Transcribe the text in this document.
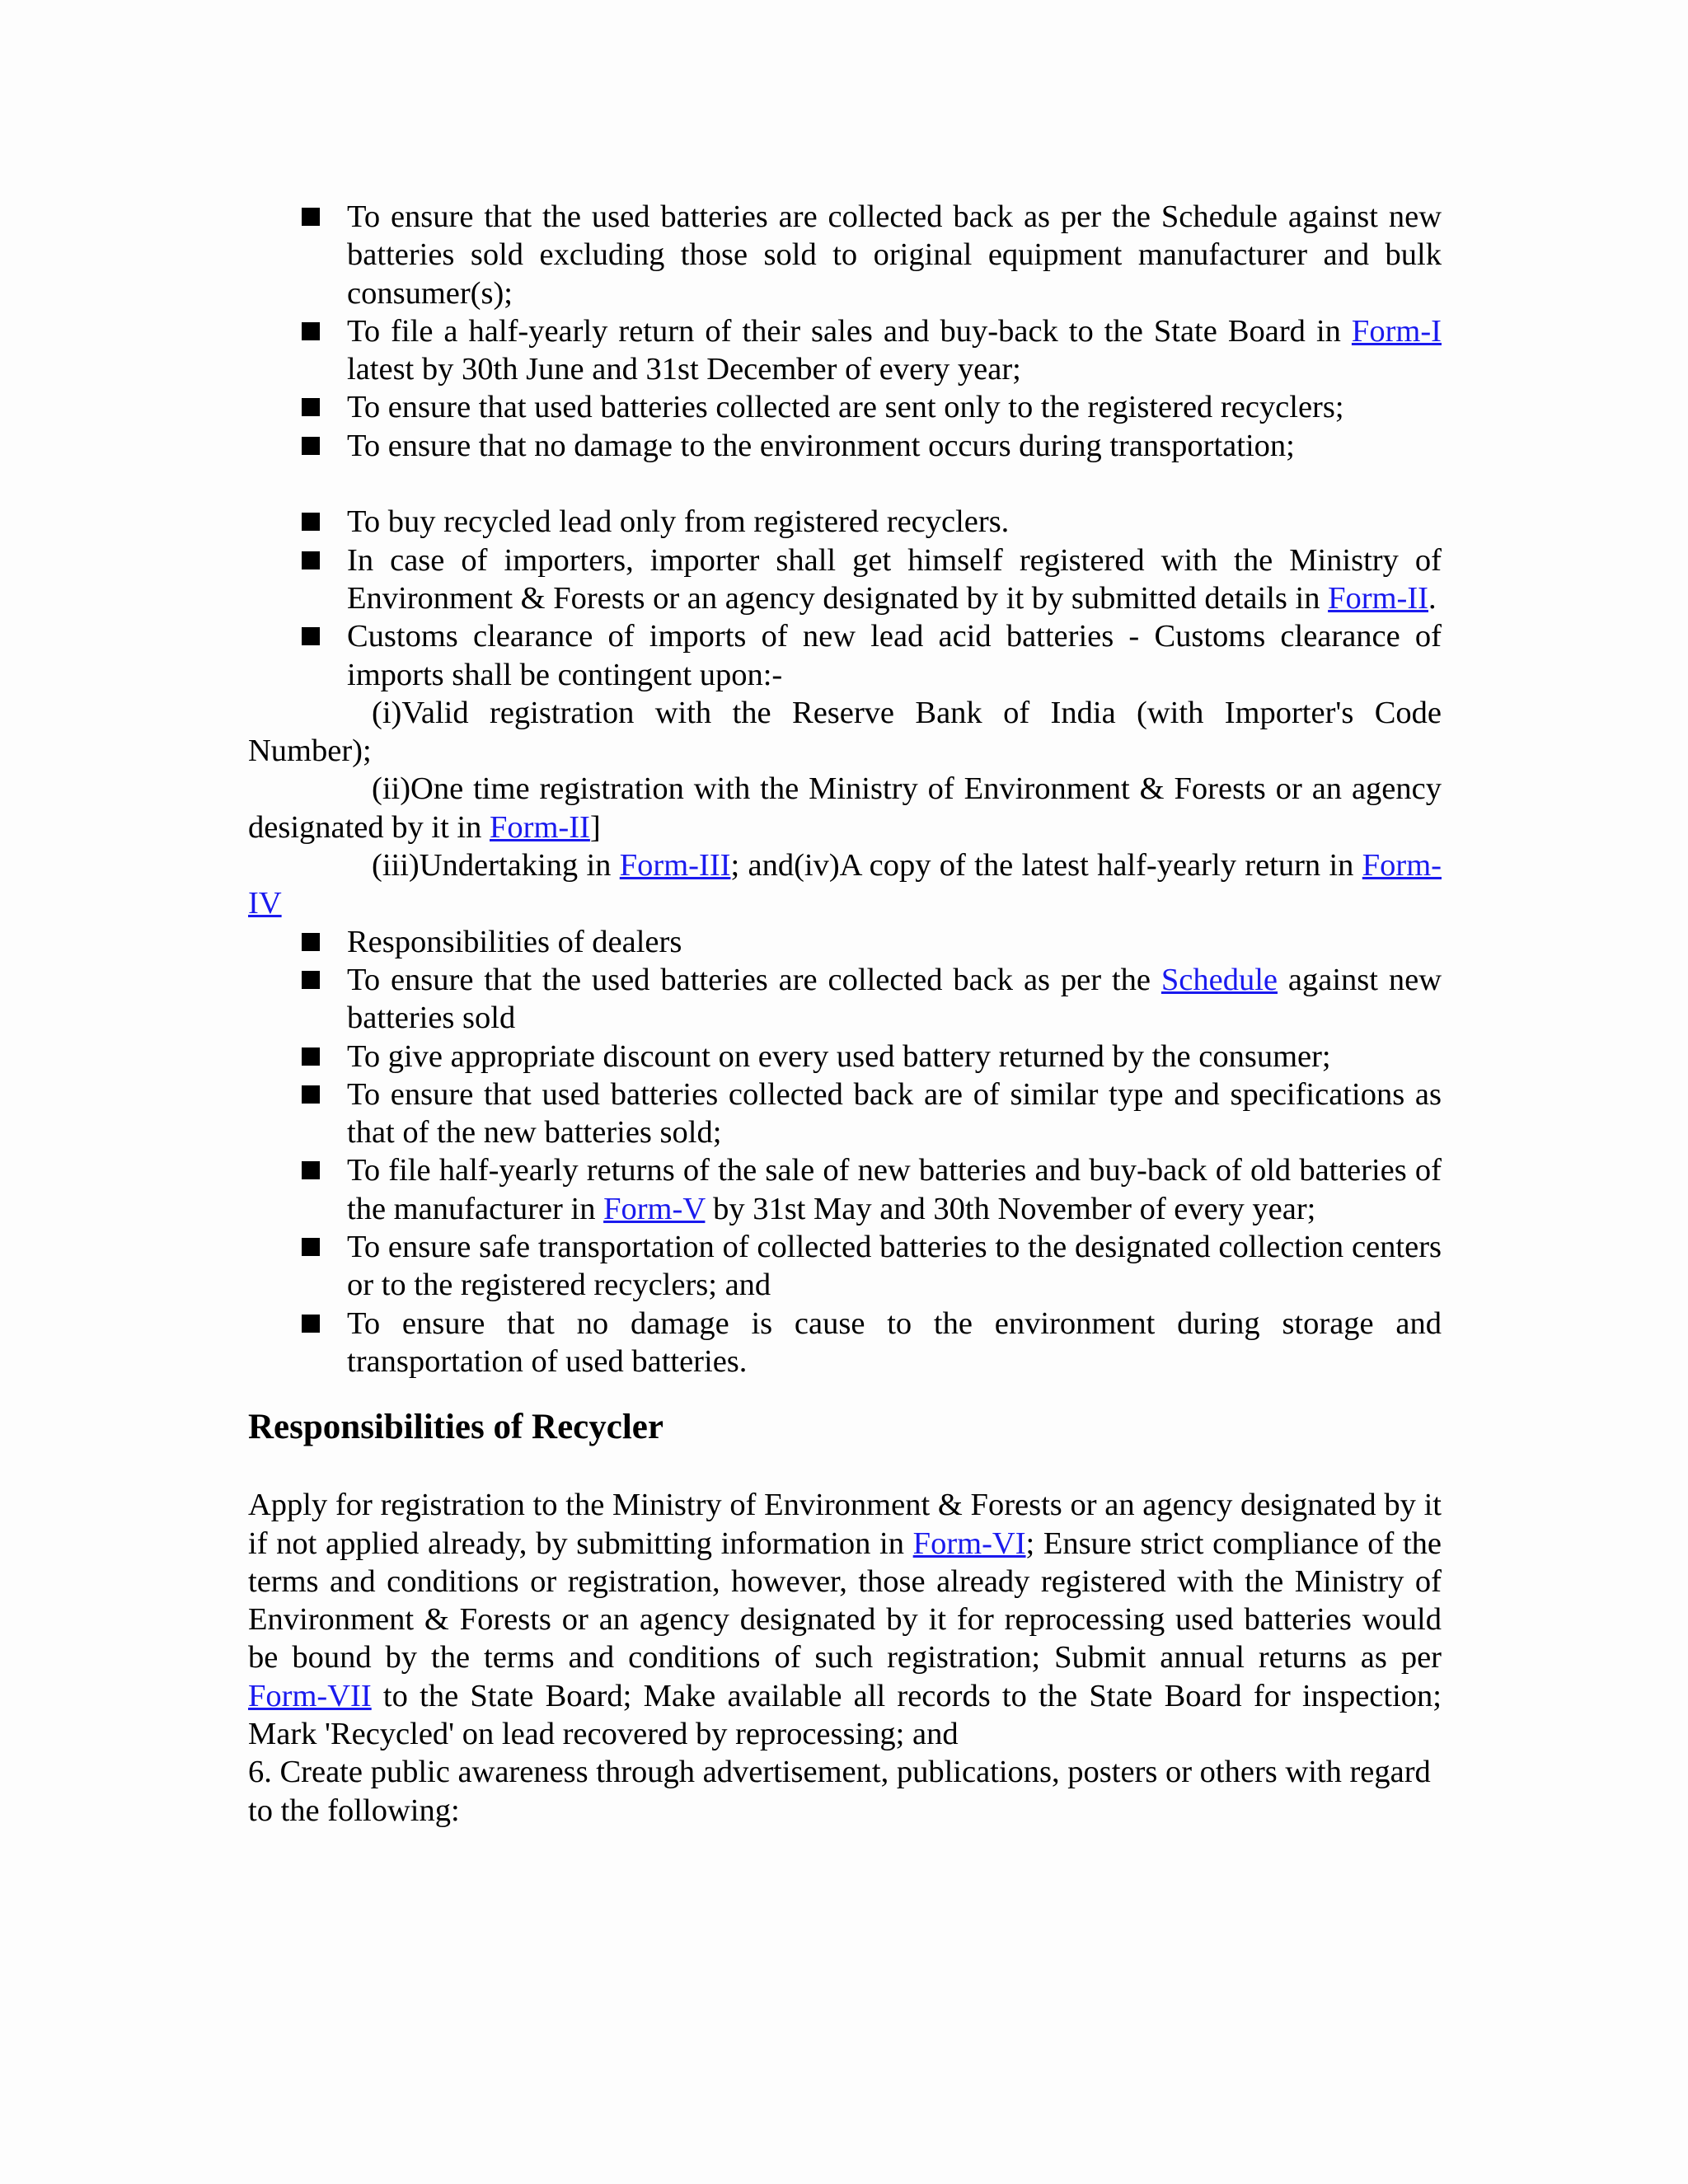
To ensure that the used batteries are collected back as per the Schedule against new batteries sold excluding those sold to original equipment manufacturer and bulk consumer(s);
To file a half-yearly return of their sales and buy-back to the State Board in Form-I latest by 30th June and 31st December of every year;
To ensure that used batteries collected are sent only to the registered recyclers;
To ensure that no damage to the environment occurs during transportation;
To buy recycled lead only from registered recyclers.
In case of importers, importer shall get himself registered with the Ministry of Environment & Forests or an agency designated by it by submitted details in Form-II.
Customs clearance of imports of new lead acid batteries - Customs clearance of imports shall be contingent upon:-

(i)Valid registration with the Reserve Bank of India (with Importer's Code Number);

(ii)One time registration with the Ministry of Environment & Forests or an agency designated by it in Form-II]

(iii)Undertaking in Form-III; and(iv)A copy of the latest half-yearly return in Form-IV

Responsibilities of dealers
To ensure that the used batteries are collected back as per the Schedule against new batteries sold
To give appropriate discount on every used battery returned by the consumer;
To ensure that used batteries collected back are of similar type and specifications as that of the new batteries sold;
To file half-yearly returns of the sale of new batteries and buy-back of old batteries of the manufacturer in Form-V by 31st May and 30th November of every year;
To ensure safe transportation of collected batteries to the designated collection centers or to the registered recyclers; and
To ensure that no damage is cause to the environment during storage and transportation of used batteries.
Responsibilities of Recycler

Apply for registration to the Ministry of Environment & Forests or an agency designated by it if not applied already, by submitting information in Form-VI; Ensure strict compliance of the terms and conditions or registration, however, those already registered with the Ministry of Environment & Forests or an agency designated by it for reprocessing used batteries would be bound by the terms and conditions of such registration; Submit annual returns as per Form-VII to the State Board; Make available all records to the State Board for inspection; Mark 'Recycled' on lead recovered by reprocessing; and

6. Create public awareness through advertisement, publications, posters or others with regard to the following:
